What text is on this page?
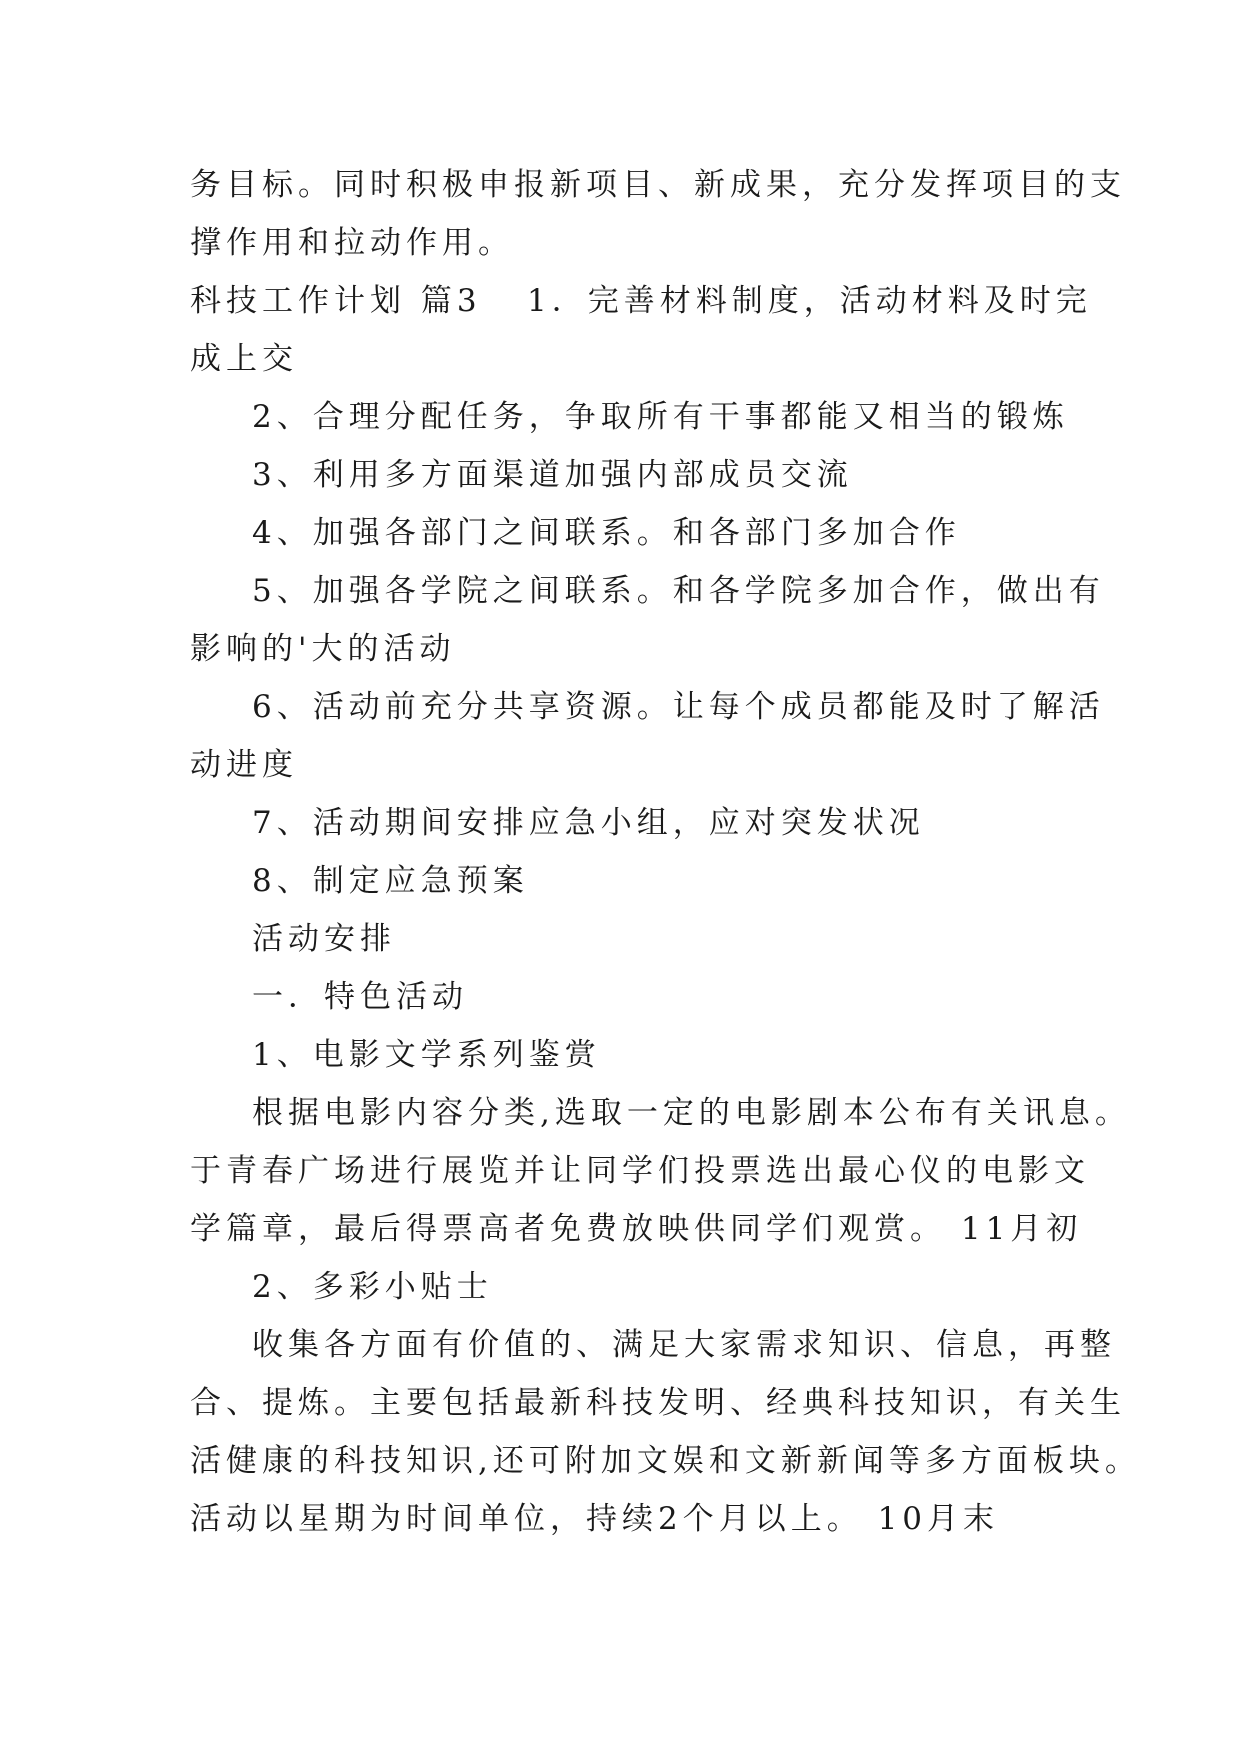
务目标。同时积极申报新项目、新成果，充分发挥项目的支
撑作用和拉动作用。
科技工作计划 篇3 1．完善材料制度，活动材料及时完
成上交
2、合理分配任务，争取所有干事都能又相当的锻炼
3、利用多方面渠道加强内部成员交流
4、加强各部门之间联系。和各部门多加合作
5、加强各学院之间联系。和各学院多加合作，做出有
影响的'大的活动
6、活动前充分共享资源。让每个成员都能及时了解活
动进度
7、活动期间安排应急小组，应对突发状况
8、制定应急预案
活动安排
一．特色活动
1、电影文学系列鉴赏
根据电影内容分类,选取一定的电影剧本公布有关讯息。
于青春广场进行展览并让同学们投票选出最心仪的电影文
学篇章，最后得票高者免费放映供同学们观赏。 11月初
2、多彩小贴士
收集各方面有价值的、满足大家需求知识、信息，再整
合、提炼。主要包括最新科技发明、经典科技知识，有关生
活健康的科技知识,还可附加文娱和文新新闻等多方面板块。
活动以星期为时间单位，持续2个月以上。 10月末
